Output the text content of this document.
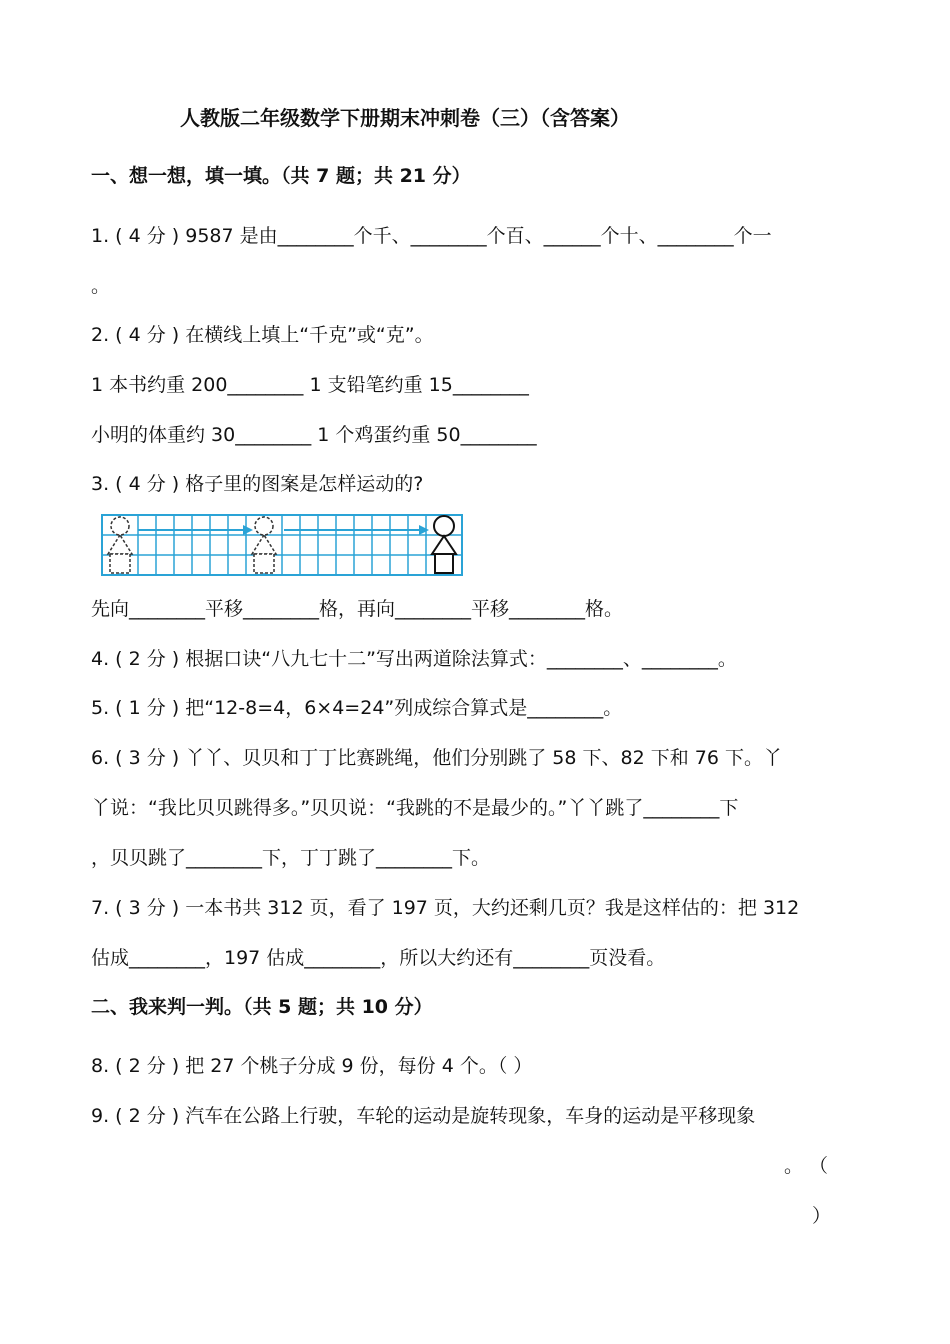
人教版二年级数学下册期末冲刺卷（三）（含答案）
一、想一想，填一填。（共 7 题；共 21 分）
1. ( 4 分 ) 9587 是由________个千、________个百、______个十、________个一
。
2. ( 4 分 ) 在横线上填上“千克”或“克”。
1 本书约重 200________ 1 支铅笔约重 15________
小明的体重约 30________ 1 个鸡蛋约重 50________
3. ( 4 分 ) 格子里的图案是怎样运动的?
先向________平移________格，再向________平移________格。
4. ( 2 分 ) 根据口诀“八九七十二”写出两道除法算式：________、________。
5. ( 1 分 ) 把“12-8=4，6×4=24”列成综合算式是________。
6. ( 3 分 ) 丫丫、贝贝和丁丁比赛跳绳，他们分别跳了 58 下、82 下和 76 下。丫
丫说：“我比贝贝跳得多。”贝贝说：“我跳的不是最少的。”丫丫跳了________下
，贝贝跳了________下，丁丁跳了________下。
7. ( 3 分 ) 一本书共 312 页，看了 197 页，大约还剩几页？我是这样估的：把 312
估成________，197 估成________，所以大约还有________页没看。
二、我来判一判。（共 5 题；共 10 分）
8. ( 2 分 ) 把 27 个桃子分成 9 份，每份 4 个。（ ）
9. ( 2 分 ) 汽车在公路上行驶，车轮的运动是旋转现象，车身的运动是平移现象
。 （
）
